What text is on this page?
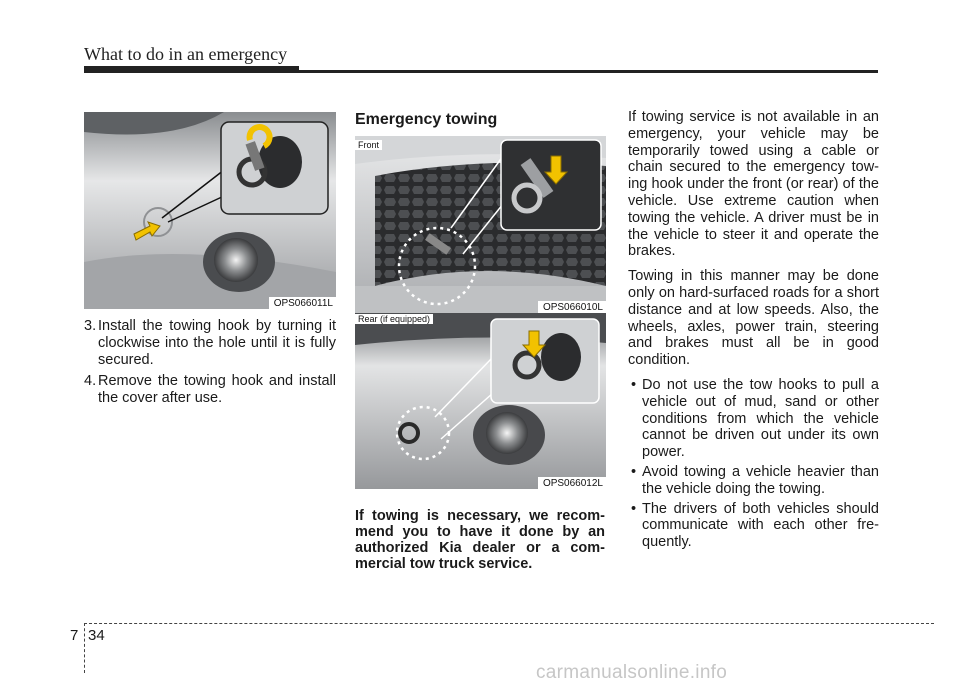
What to do in an emergency
OPS066011L
3. Install the towing hook by turning it clockwise into the hole until it is fully secured.
4. Remove the towing hook and install the cover after use.
Emergency towing
Front
OPS066010L
Rear (if equipped)
OPS066012L
If towing is necessary, we recom-mend you to have it done by an authorized Kia dealer or a com-mercial tow truck service.

If towing service is not available in an emergency, your vehicle may be temporarily towed using a cable or chain secured to the emergency tow-ing hook under the front (or rear) of the vehicle. Use extreme caution when towing the vehicle. A driver must be in the vehicle to steer it and operate the brakes.

Towing in this manner may be done only on hard-surfaced roads for a short distance and at low speeds. Also, the wheels, axles, power train, steering and brakes must all be in good condition.

• Do not use the tow hooks to pull a vehicle out of mud, sand or other conditions from which the vehicle cannot be driven out under its own power.
• Avoid towing a vehicle heavier than the vehicle doing the towing.
• The drivers of both vehicles should communicate with each other fre-quently.
7 34
carmanualsonline.info
